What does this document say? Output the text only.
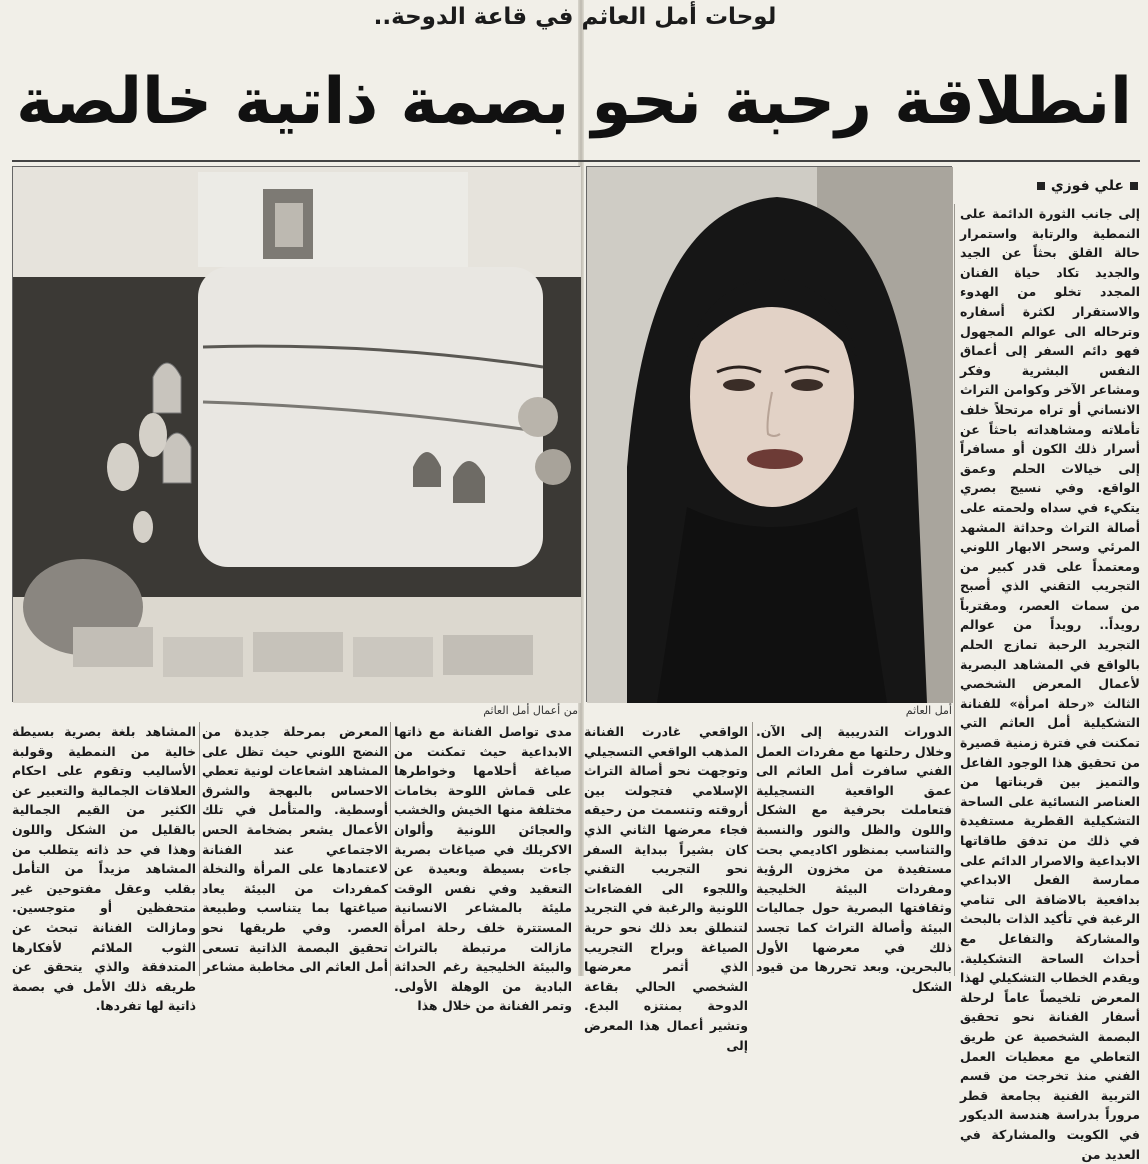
لوحات أمل العاثم في قاعة الدوحة..
انطلاقة رحبة نحو بصمة ذاتية خالصة
علي فوزي
من أعمال أمل العاثم	أمل العاثم

إلى جانب الثورة الدائمة على النمطية والرتابة واستمرار حالة القلق بحثاً عن الجيد والجديد تكاد حياة الفنان المجدد تخلو من الهدوء والاستقرار لكثرة أسفاره وترحاله الى عوالم المجهول فهو دائم السفر إلى أعماق النفس البشرية وفكر ومشاعر الآخر وكوامن التراث الانساني أو تراه مرتحلاً خلف تأملاته ومشاهداته باحثاً عن أسرار ذلك الكون أو مسافراً إلى خيالات الحلم وعمق الواقع. وفي نسيج بصري يتكيء في سداه ولحمته على أصالة التراث وحداثة المشهد المرئي وسحر الابهار اللوني ومعتمداً على قدر كبير من التجريب التقني الذي أصبح من سمات العصر، ومقترباً رويداً.. رويداً من عوالم التجريد الرحبة تمازج الحلم بالواقع في المشاهد البصرية لأعمال المعرض الشخصي الثالث «رحلة امرأة» للفنانة التشكيلية أمل العاثم التي تمكنت في فترة زمنية قصيرة من تحقيق هذا الوجود الفاعل والتميز بين قريناتها من العناصر النسائية على الساحة التشكيلية القطرية مستفيدة في ذلك من تدفق طاقاتها الابداعية والاصرار الدائم على ممارسة الفعل الابداعي بدافعية بالاضافة الى تنامي الرغبة في تأكيد الذات بالبحث والمشاركة والتفاعل مع أحداث الساحة التشكيلية. ويقدم الخطاب التشكيلي لهذا المعرض تلخيصاً عاماً لرحلة أسفار الفنانة نحو تحقيق البصمة الشخصية عن طريق التعاطي مع معطيات العمل الفني منذ تخرجت من قسم التربية الفنية بجامعة قطر مروراً بدراسة هندسة الديكور في الكويت والمشاركة في العديد من

الدورات التدريبية إلى الآن. وخلال رحلتها مع مفردات العمل الفني سافرت أمل العاثم الى عمق الواقعية التسجيلية فتعاملت بحرفية مع الشكل واللون والظل والنور والنسبة والتناسب بمنظور اكاديمي بحت مستفيدة من مخزون الرؤية ومفردات البيئة الخليجية وثقافتها البصرية حول جماليات البيئة وأصالة التراث كما تجسد ذلك في معرضها الأول بالبحرين. وبعد تحررها من قيود الشكل

الواقعي غادرت الفنانة المذهب الواقعي التسجيلي وتوجهت نحو أصالة التراث الإسلامي فتجولت بين أروقته وتنسمت من رحيقه فجاء معرضها الثاني الذي كان بشيراً ببداية السفر نحو التجريب التقني واللجوء الى الفضاءات اللونية والرغبة في التجريد لتنطلق بعد ذلك نحو حرية الصياغة وبراح التجريب الذي أثمر معرضها الشخصي الحالي بقاعة الدوحة بمنتزه البدع. وتشير أعمال هذا المعرض إلى

مدى تواصل الفنانة مع ذاتها الابداعية حيث تمكنت من صياغة أحلامها وخواطرها على قماش اللوحة بخامات مختلفة منها الخيش والخشب والعجائن اللونية وألوان الاكريلك في صياغات بصرية جاءت بسيطة وبعيدة عن التعقيد وفي نفس الوقت مليئة بالمشاعر الانسانية المستترة خلف رحلة امرأة مازالت مرتبطة بالتراث والبيئة الخليجية رغم الحداثة البادية من الوهلة الأولى. وتمر الفنانة من خلال هذا

المعرض بمرحلة جديدة من النضج اللوني حيث تظل على المشاهد اشعاعات لونية تعطي الاحساس بالبهجة والشرق أوسطية. والمتأمل في تلك الأعمال يشعر بضخامة الحس الاجتماعي عند الفنانة لاعتمادها على المرأة والنخلة كمفردات من البيئة يعاد صياغتها بما يتناسب وطبيعة العصر. وفي طريقها نحو تحقيق البصمة الذاتية تسعى أمل العاثم الى مخاطبة مشاعر

المشاهد بلغة بصرية بسيطة خالية من النمطية وقولبة الأساليب وتقوم على احكام العلاقات الجمالية والتعبير عن الكثير من القيم الجمالية بالقليل من الشكل واللون وهذا في حد ذاته يتطلب من المشاهد مزيداً من التأمل بقلب وعقل مفتوحين غير متحفظين أو متوجسين. ومازالت الفنانة تبحث عن الثوب الملائم لأفكارها المتدفقة والذي يتحقق عن طريقه ذلك الأمل في بصمة ذاتية لها تفردها.
